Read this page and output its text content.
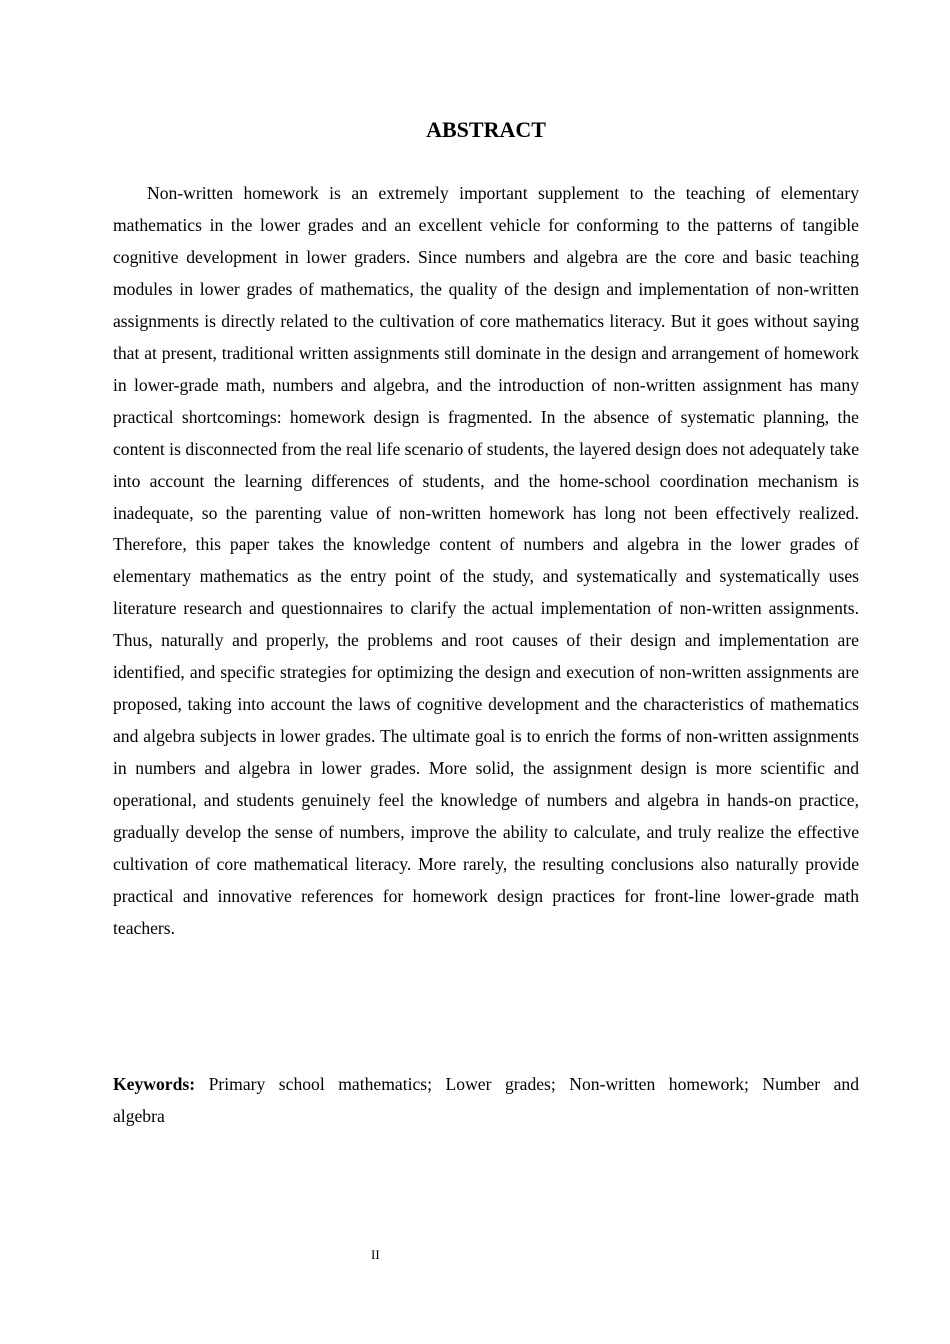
ABSTRACT

Non-written homework is an extremely important supplement to the teaching of elementary mathematics in the lower grades and an excellent vehicle for conforming to the patterns of tangible cognitive development in lower graders. Since numbers and algebra are the core and basic teaching modules in lower grades of mathematics, the quality of the design and implementation of non-written assignments is directly related to the cultivation of core mathematics literacy. But it goes without saying that at present, traditional written assignments still dominate in the design and arrangement of homework in lower-grade math, numbers and algebra, and the introduction of non-written assignment has many practical shortcomings: homework design is fragmented. In the absence of systematic planning, the content is disconnected from the real life scenario of students, the layered design does not adequately take into account the learning differences of students, and the home-school coordination mechanism is inadequate, so the parenting value of non-written homework has long not been effectively realized. Therefore, this paper takes the knowledge content of numbers and algebra in the lower grades of elementary mathematics as the entry point of the study, and systematically and systematically uses literature research and questionnaires to clarify the actual implementation of non-written assignments. Thus, naturally and properly, the problems and root causes of their design and implementation are identified, and specific strategies for optimizing the design and execution of non-written assignments are proposed, taking into account the laws of cognitive development and the characteristics of mathematics and algebra subjects in lower grades. The ultimate goal is to enrich the forms of non-written assignments in numbers and algebra in lower grades. More solid, the assignment design is more scientific and operational, and students genuinely feel the knowledge of numbers and algebra in hands-on practice, gradually develop the sense of numbers, improve the ability to calculate, and truly realize the effective cultivation of core mathematical literacy. More rarely, the resulting conclusions also naturally provide practical and innovative references for homework design practices for front-line lower-grade math teachers.

Keywords: Primary school mathematics; Lower grades; Non-written homework; Number and algebra

II
